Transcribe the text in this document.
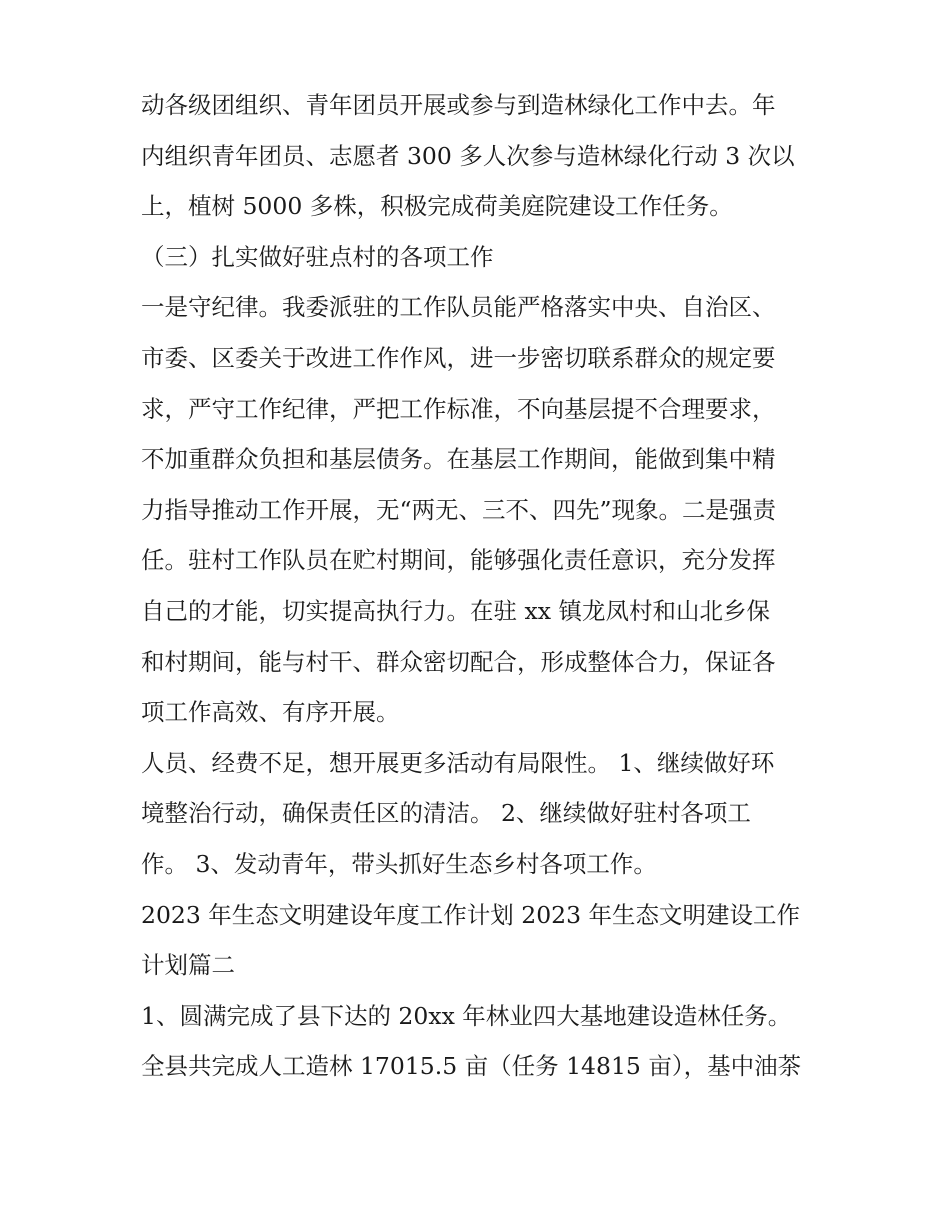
动各级团组织、青年团员开展或参与到造林绿化工作中去。年
内组织青年团员、志愿者 300 多人次参与造林绿化行动 3 次以
上，植树 5000 多株，积极完成荷美庭院建设工作任务。
（三）扎实做好驻点村的各项工作
一是守纪律。我委派驻的工作队员能严格落实中央、自治区、
市委、区委关于改进工作作风，进一步密切联系群众的规定要
求，严守工作纪律，严把工作标准，不向基层提不合理要求，
不加重群众负担和基层债务。在基层工作期间，能做到集中精
力指导推动工作开展，无“两无、三不、四先”现象。二是强责
任。驻村工作队员在贮村期间，能够强化责任意识，充分发挥
自己的才能，切实提高执行力。在驻 xx 镇龙凤村和山北乡保
和村期间，能与村干、群众密切配合，形成整体合力，保证各
项工作高效、有序开展。
人员、经费不足，想开展更多活动有局限性。 1、继续做好环
境整治行动，确保责任区的清洁。 2、继续做好驻村各项工
作。 3、发动青年，带头抓好生态乡村各项工作。
2023 年生态文明建设年度工作计划 2023 年生态文明建设工作
计划篇二
1、圆满完成了县下达的 20xx 年林业四大基地建设造林任务。
全县共完成人工造林 17015.5 亩（任务 14815 亩），基中油茶
